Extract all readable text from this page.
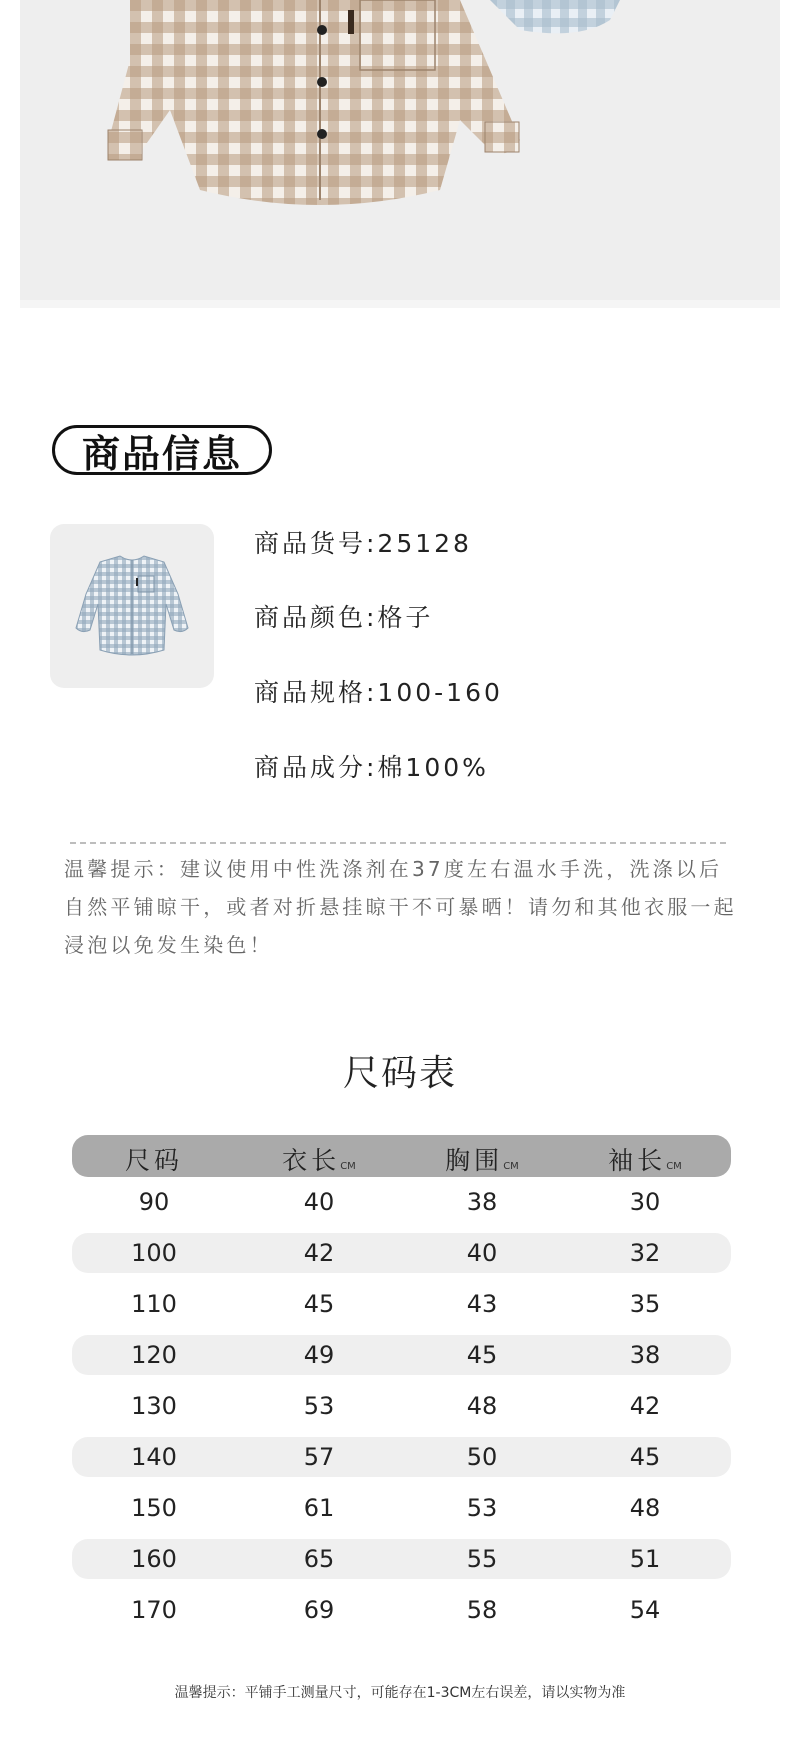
商品信息
商品货号:25128
商品颜色:格子
商品规格:100-160
商品成分:棉100%
温馨提示：建议使用中性洗涤剂在37度左右温水手洗，洗涤以后自然平铺晾干，或者对折悬挂晾干不可暴晒！请勿和其他衣服一起浸泡以免发生染色！
尺码表
尺码	衣长CM	胸围CM	袖长CM
90	40	38	30
100	42	40	32
110	45	43	35
120	49	45	38
130	53	48	42
140	57	50	45
150	61	53	48
160	65	55	51
170	69	58	54
温馨提示：平铺手工测量尺寸，可能存在1-3CM左右误差，请以实物为准
